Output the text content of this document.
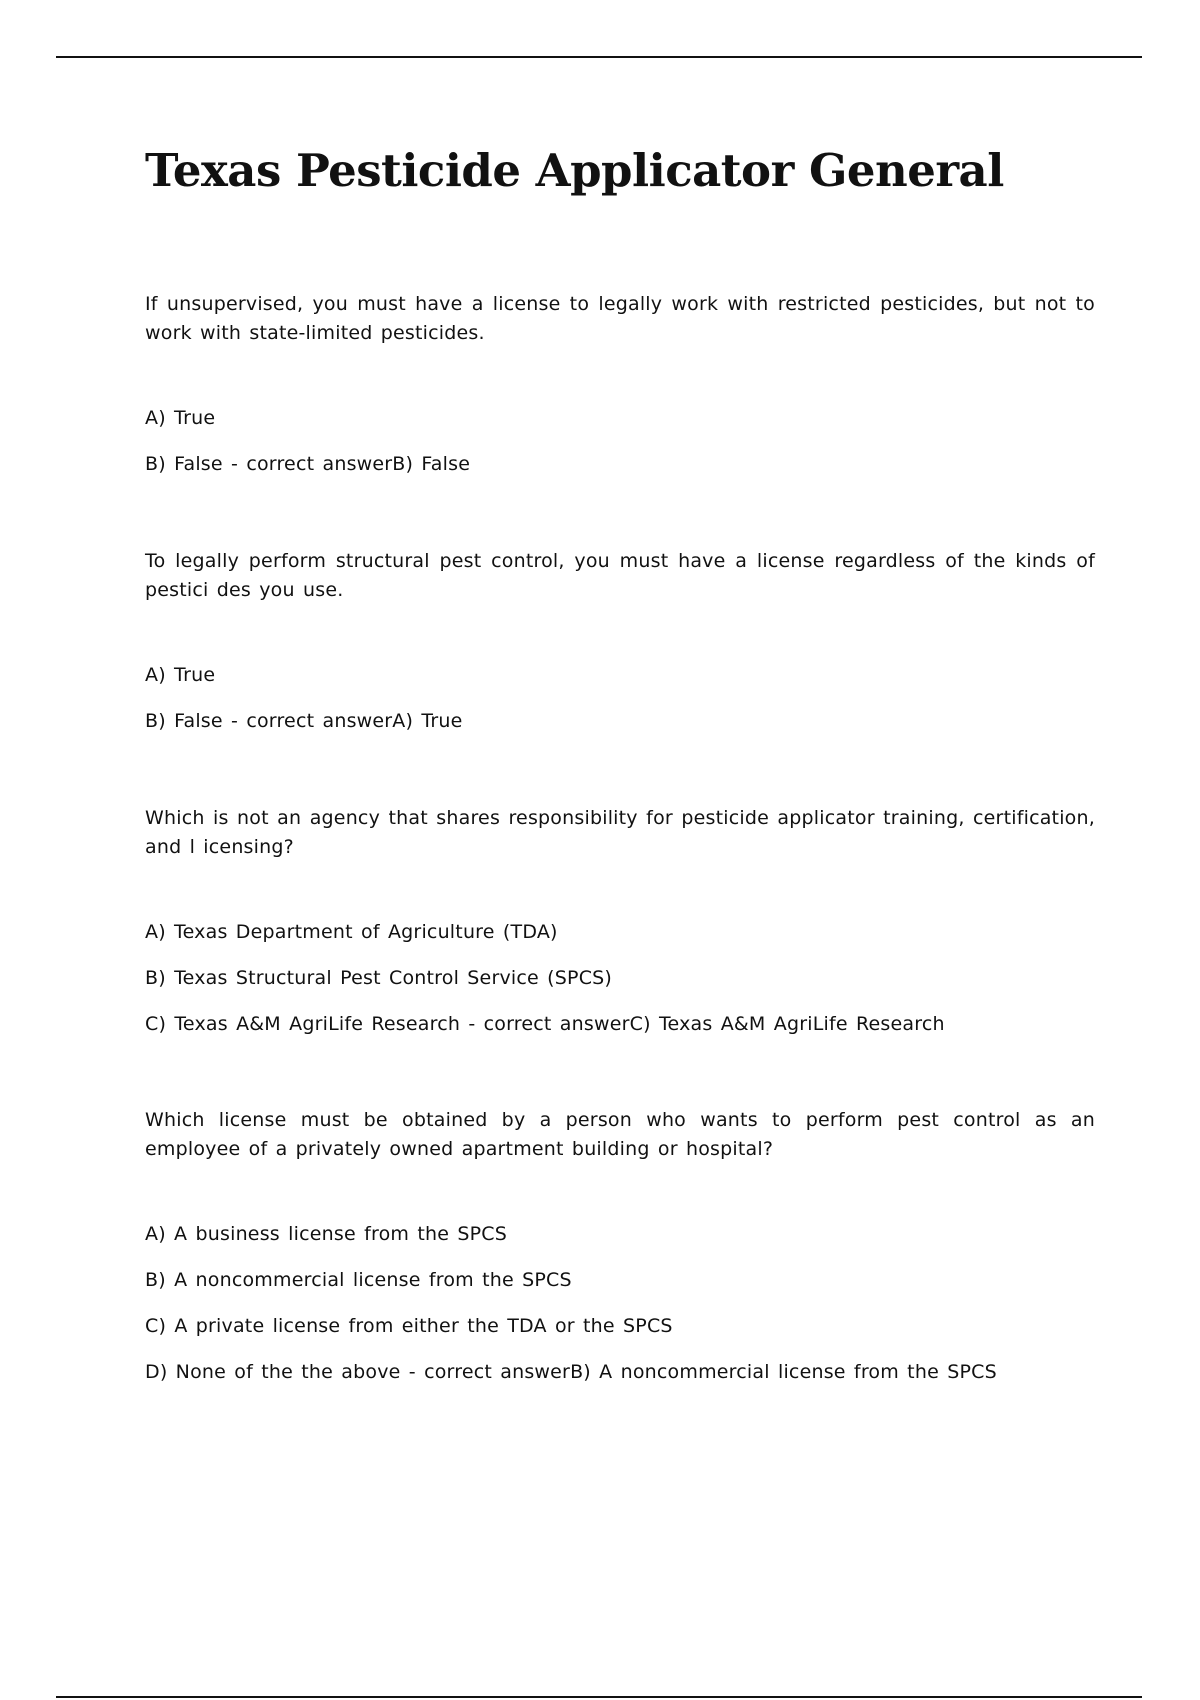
Texas Pesticide Applicator General

If unsupervised, you must have a license to legally work with restricted pesticides, but not to work with state-limited pesticides.

A) True

B) False - correct answerB) False

To legally perform structural pest control, you must have a license regardless of the kinds of pestici des you use.

A) True

B) False - correct answerA) True

Which is not an agency that shares responsibility for pesticide applicator training, certification, and l icensing?

A) Texas Department of Agriculture (TDA)

B) Texas Structural Pest Control Service (SPCS)

C) Texas A&M AgriLife Research - correct answerC) Texas A&M AgriLife Research

Which license must be obtained by a person who wants to perform pest control as an employee of a privately owned apartment building or hospital?

A) A business license from the SPCS

B) A noncommercial license from the SPCS

C) A private license from either the TDA or the SPCS

D) None of the the above - correct answerB) A noncommercial license from the SPCS
